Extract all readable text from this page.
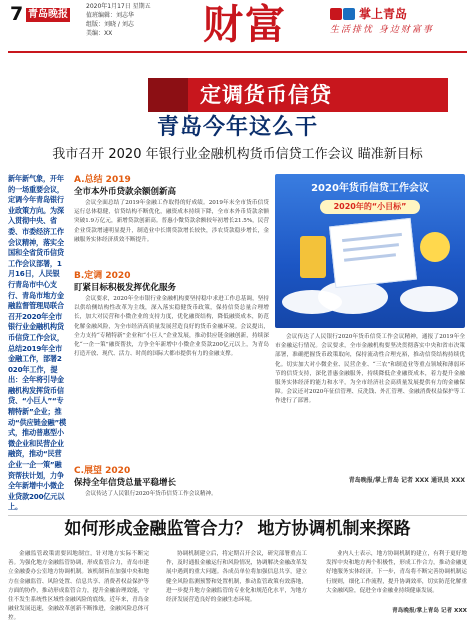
7 青岛晚报
2020年1月17日 星期五
值班编辑：刘志华
组版：刘晓 / 刘志
美编：XX 财富	掌上青岛
生活排忧 身边财富事
定调货币信贷
青岛今年这么干
我市召开 2020 年银行业金融机构货币信贷工作会议 瞄准新目标
新年新气象，开年的一场重要会议，定调今年青岛银行业政策方向。为深入贯彻中央、省委、市委经济工作会议精神，落实全国和全省货币信贷工作会议部署，1月16日，人民银行青岛市中心支行、青岛市地方金融监督管理局联合召开2020年全市银行业金融机构货币信贷工作会议，总结2019年全市金融工作，部署2020年工作，提出：全年将引导金融机构发挥货币信贷、“小巨人”“专精特新”企业；推动“供应链金融”模式，推动普惠型小微企业和民营企业融资，推动“民营企业一企一策”融资帮扶计划，力争全年新增中小微企业贷款200亿元以上。
A.总结 2019
全市本外币贷款余额创新高
会议全面总结了2019年金融工作取得的好成绩。2019年末全市货币信贷运行总体稳健，信贷结构不断优化，融资成本持续下降，全市本外币贷款余额突破1.9万亿元，新增贷款创新高。普惠小微贷款余额较年初增长21.5%，民营企业贷款增速明显提升，制造业中长期贷款增长较快，涉农贷款稳步增长，金融服务实体经济质效不断提升。
B.定调 2020
盯紧目标积极发挥优化服务
会议要求，2020年全市银行业金融机构要坚持稳中求进工作总基调，坚持以供给侧结构性改革为主线，深入落实稳健货币政策，保持信贷总量合理增长，加大对民营和小微企业的支持力度，优化融资结构，降低融资成本，防范化解金融风险，为全市经济高质量发展营造良好的货币金融环境。会议提出，全力支持“专精特新”企业和“小巨人”企业发展，推动供应链金融创新，持续深化“一企一策”融资帮扶，力争全年新增中小微企业贷款200亿元以上，为青岛打造开放、现代、活力、时尚的国际大都市提供有力的金融支撑。
C.展望 2020
保持全年信贷总量平稳增长
会议传达了人民银行2020年货币信贷工作会议精神。
2020年货币信贷工作会议
2020年的“小目标”
会议传达了人民银行2020年货币信贷工作会议精神，通报了2019年全市金融运行情况。会议要求，全市金融机构要坚决贯彻落实中央和省市决策部署，准确把握货币政策取向，保持流动性合理充裕，推动信贷结构持续优化。切实加大对小微企业、民营企业、“三农”和制造业等重点领域和薄弱环节的信贷支持，深化普惠金融服务，持续降低企业融资成本，着力提升金融服务实体经济的能力和水平，为全市经济社会高质量发展提供有力的金融保障。会议还对2020年征信管理、反洗钱、外汇管理、金融消费权益保护等工作进行了部署。
青岛晚报/掌上青岛 记者 XXX 通讯员 XXX
如何形成金融监管合力？ 地方协调机制来探路
金融监管政策需要因地制宜，针对地方实际不断完善。为强化地方金融监管协调，形成监管合力，青岛市建立金融委办公室地方协调机制。该机制旨在加强中央和地方在金融监管、风险处置、信息共享、消费者权益保护等方面的协作，推动形成监管合力，提升金融治理效能，守住不发生系统性区域性金融风险的底线。近年来，青岛金融业发展迅速，金融改革创新不断推进，金融风险总体可控。
协调机制建立后，将定期召开会议，研究部署重点工作，及时通报金融运行和风险情况，协调解决金融改革发展中遇到的重大问题。各成员单位将加强信息共享，建立健全风险监测预警和处置机制，推动监管政策有效落地，进一步提升地方金融监管的专业化和规范化水平，为地方经济发展营造良好的金融生态环境。
业内人士表示，地方协调机制的建立，有利于更好地发挥中央和地方两个积极性，形成工作合力，推动金融更好地服务实体经济。下一步，青岛将不断完善协调机制运行规则，细化工作流程，提升协调效率，切实防范化解重大金融风险，促进全市金融业持续健康发展。
青岛晚报/掌上青岛 记者 XXX
